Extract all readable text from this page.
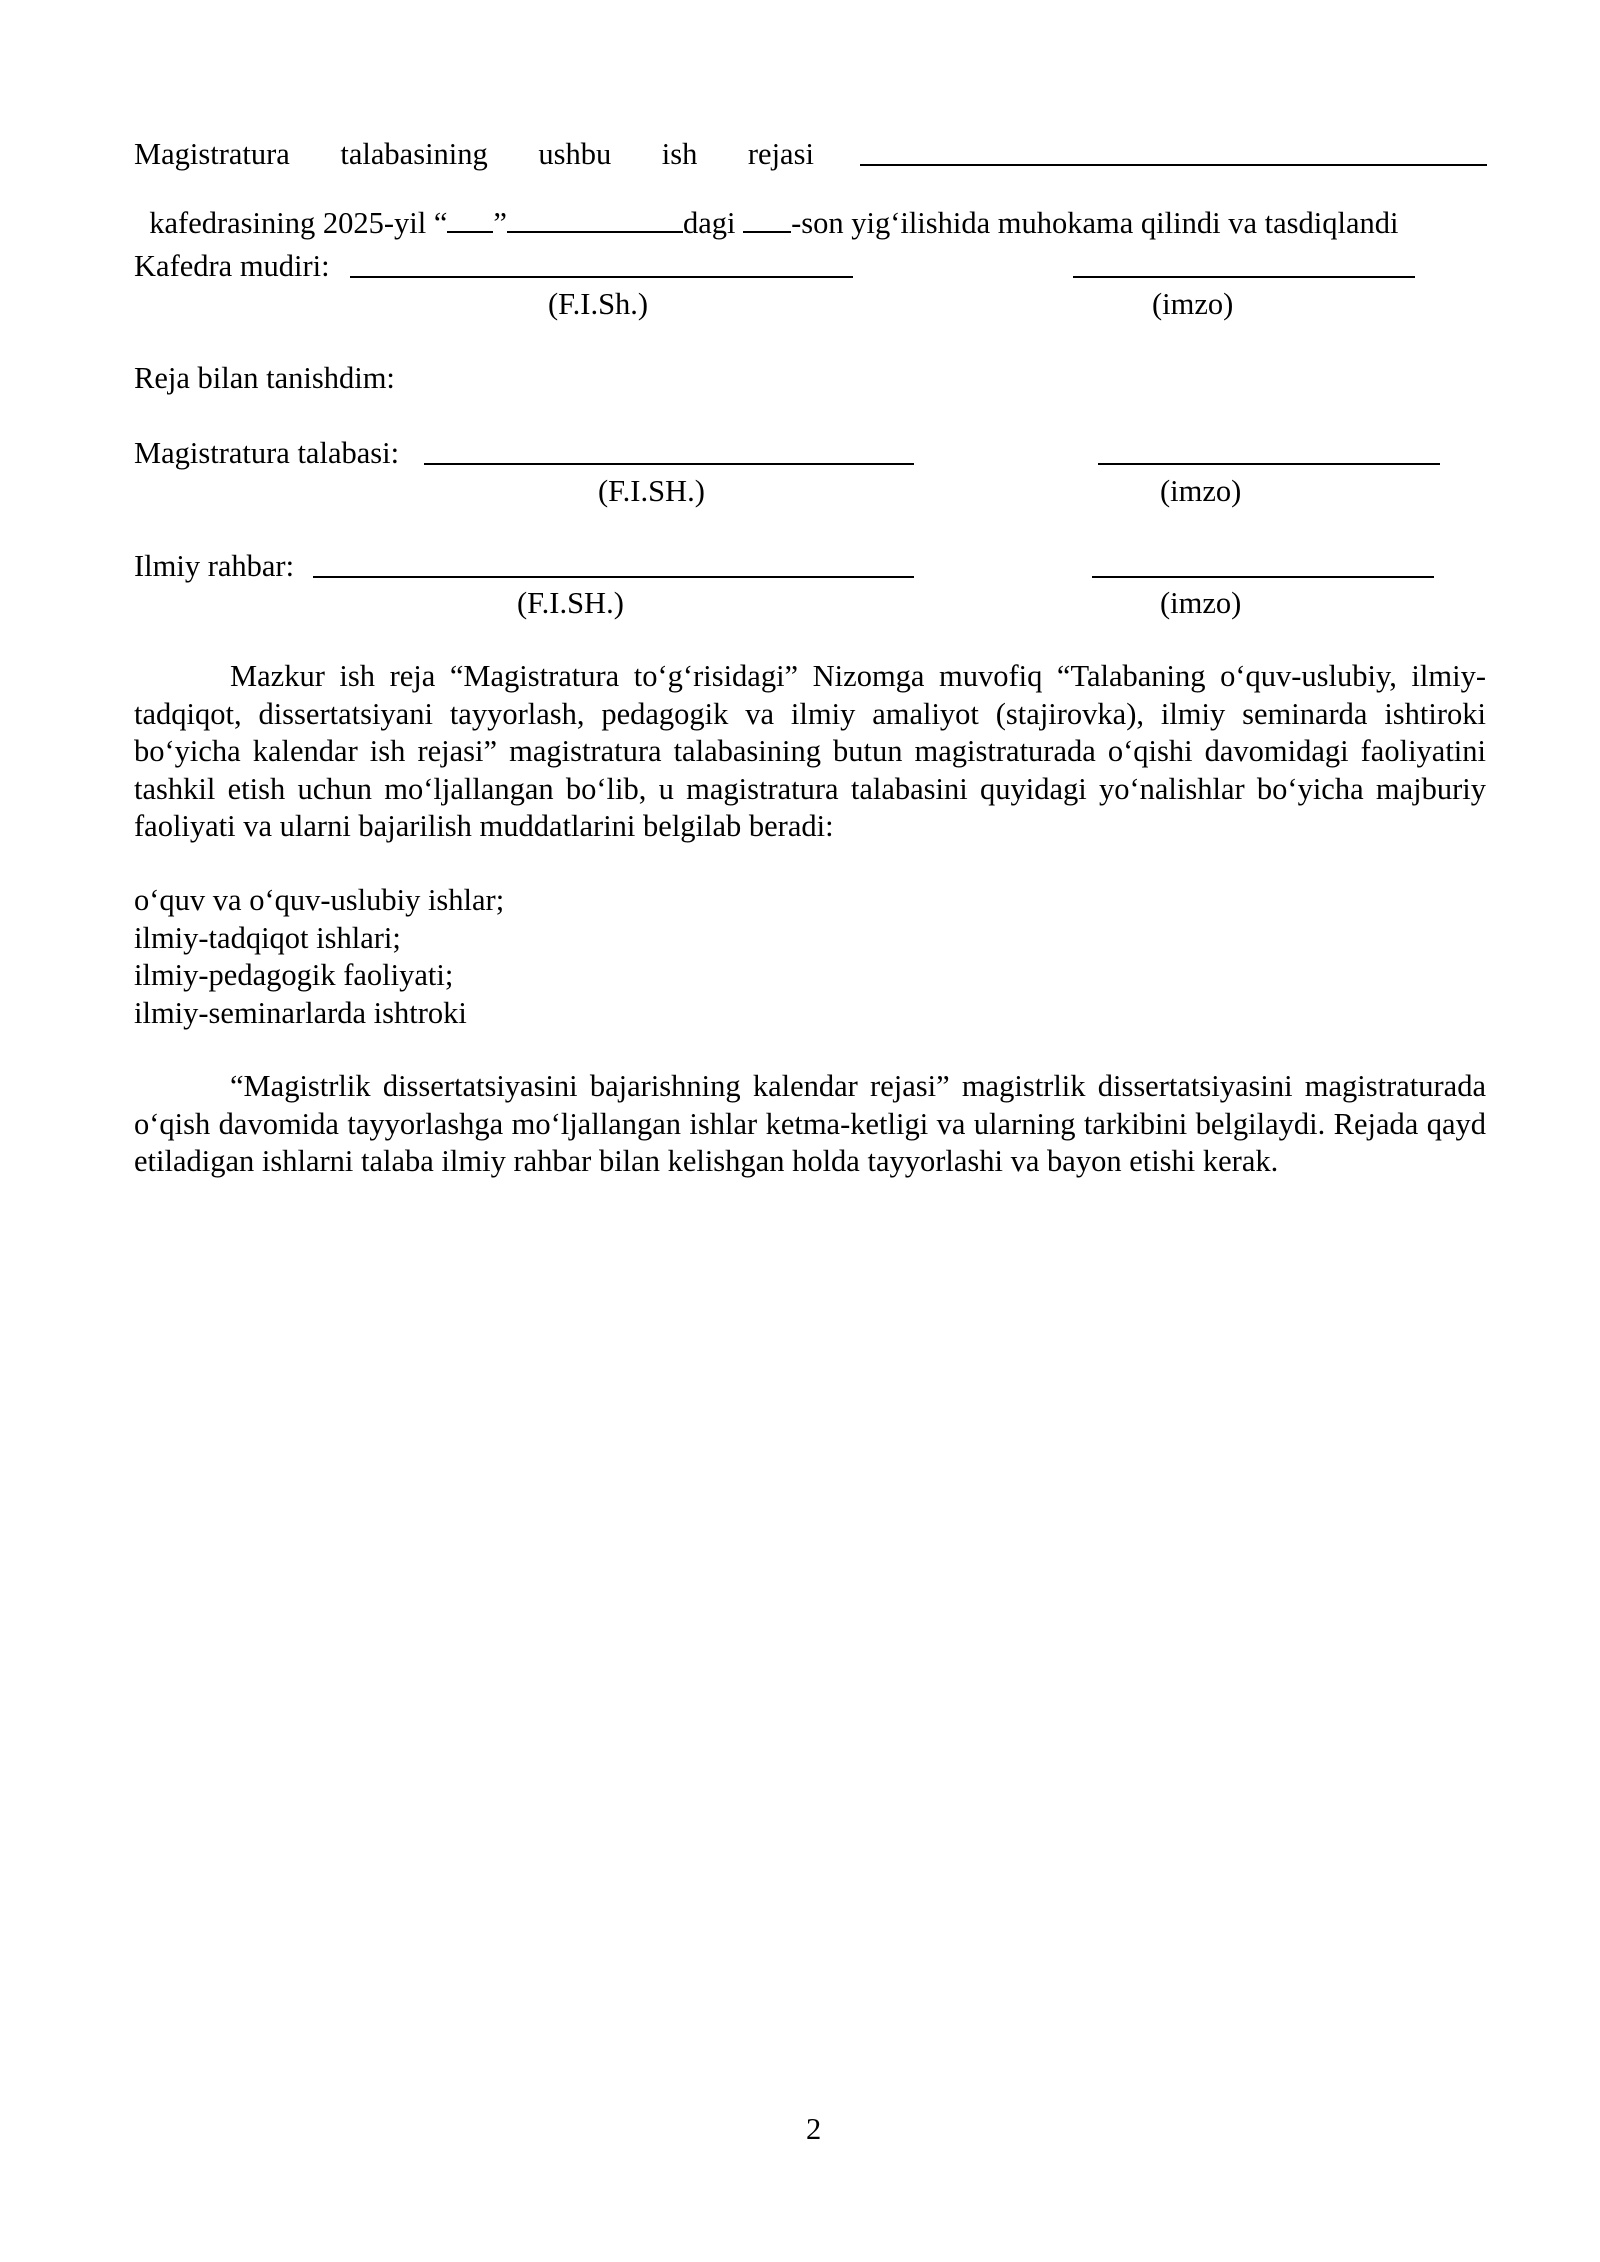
Magistratura talabasining ushbu ish rejasi

kafedrasining 2025-yil “ ”	dagi -son yig‘ilishida muhokama qilindi va tasdiqlandi

Kafedra mudiri:
(F.I.Sh.)	(imzo)
Reja bilan tanishdim:
Magistratura talabasi:
(F.I.SH.)	(imzo)
Ilmiy rahbar:
(F.I.SH.)	(imzo)
Mazkur ish reja “Magistratura to‘g‘risidagi” Nizomga muvofiq “Talabaning o‘quv-uslubiy, ilmiy-tadqiqot, dissertatsiyani tayyorlash, pedagogik va ilmiy amaliyot (stajirovka), ilmiy seminarda ishtiroki bo‘yicha kalendar ish rejasi” magistratura talabasining butun magistraturada o‘qishi davomidagi faoliyatini tashkil etish uchun mo‘ljallangan bo‘lib, u magistratura talabasini quyidagi yo‘nalishlar bo‘yicha majburiy faoliyati va ularni bajarilish muddatlarini belgilab beradi:
o‘quv va o‘quv-uslubiy ishlar;
ilmiy-tadqiqot ishlari;
ilmiy-pedagogik faoliyati;
ilmiy-seminarlarda ishtroki
“Magistrlik dissertatsiyasini bajarishning kalendar rejasi” magistrlik dissertatsiyasini magistraturada o‘qish davomida tayyorlashga mo‘ljallangan ishlar ketma-ketligi va ularning tarkibini belgilaydi. Rejada qayd etiladigan ishlarni talaba ilmiy rahbar bilan kelishgan holda tayyorlashi va bayon etishi kerak.
2
